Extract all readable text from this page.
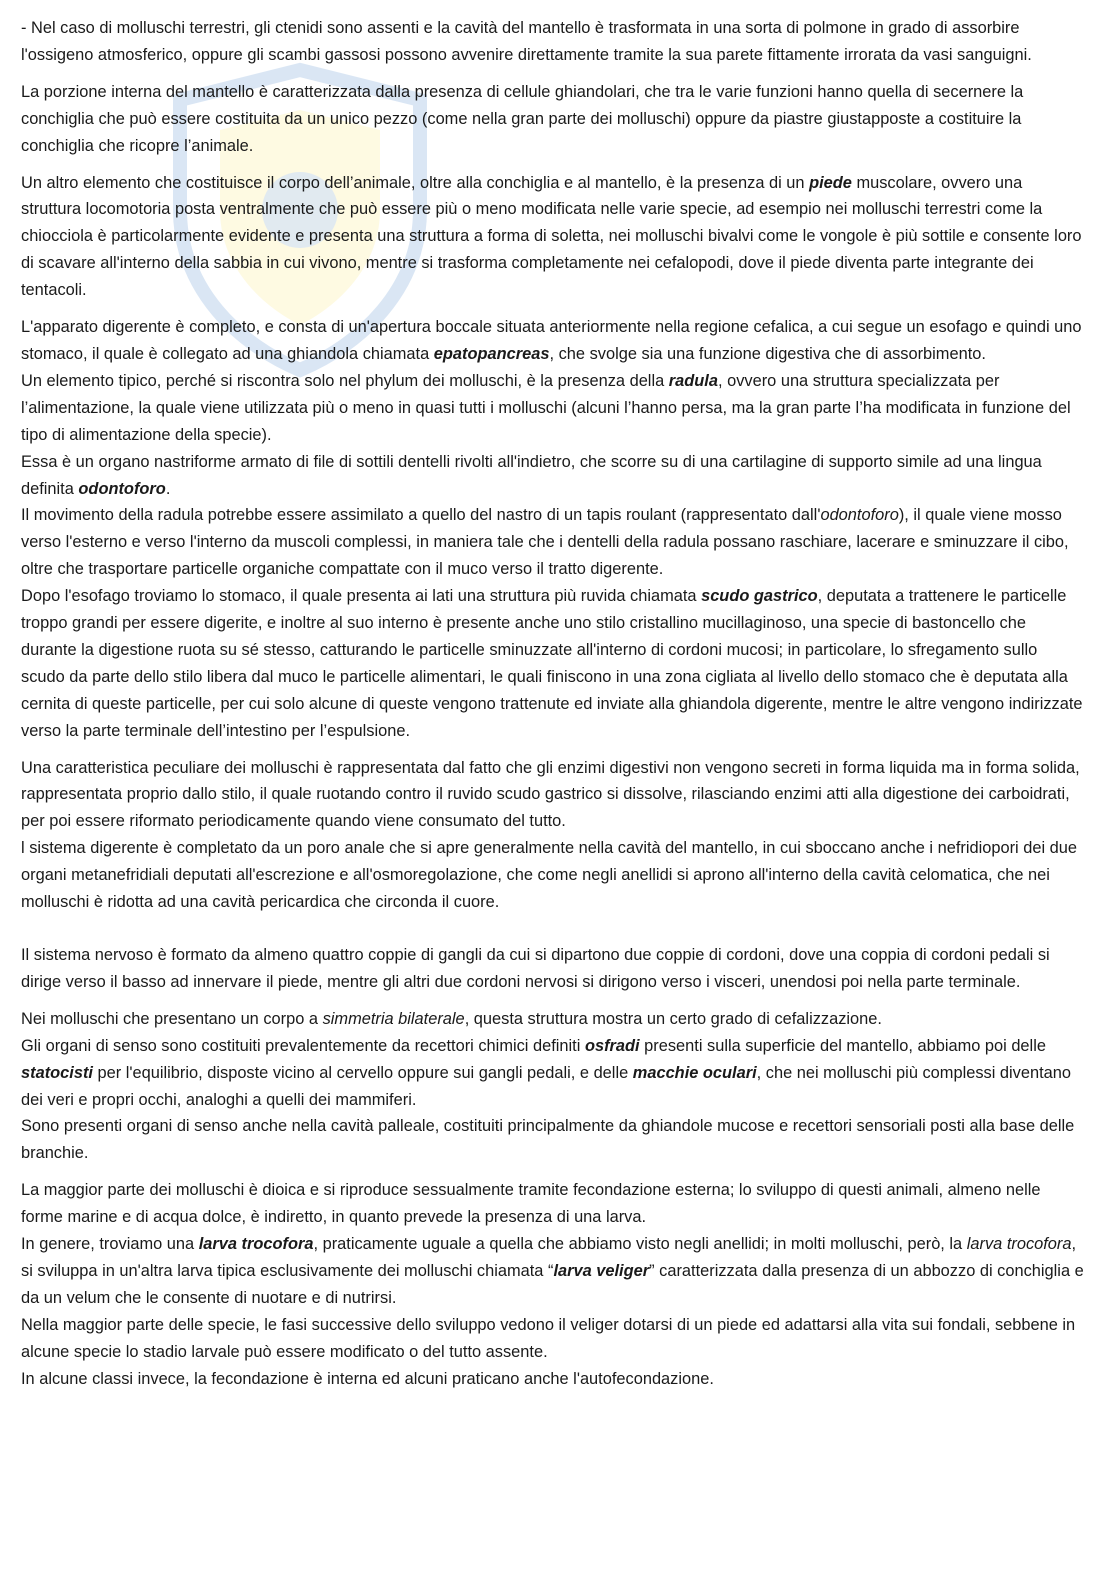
- Nel caso di molluschi terrestri, gli ctenidi sono assenti e la cavità del mantello è trasformata in una sorta di polmone in grado di assorbire l'ossigeno atmosferico, oppure gli scambi gassosi possono avvenire direttamente tramite la sua parete fittamente irrorata da vasi sanguigni.

La porzione interna del mantello è caratterizzata dalla presenza di cellule ghiandolari, che tra le varie funzioni hanno quella di secernere la conchiglia che può essere costituita da un unico pezzo (come nella gran parte dei molluschi) oppure da piastre giustapposte a costituire la conchiglia che ricopre l’animale.

Un altro elemento che costituisce il corpo dell’animale, oltre alla conchiglia e al mantello, è la presenza di un piede muscolare, ovvero una struttura locomotoria posta ventralmente che può essere più o meno modificata nelle varie specie, ad esempio nei molluschi terrestri come la chiocciola è particolarmente evidente e presenta una struttura a forma di soletta, nei molluschi bivalvi come le vongole è più sottile e consente loro di scavare all'interno della sabbia in cui vivono, mentre si trasforma completamente nei cefalopodi, dove il piede diventa parte integrante dei tentacoli.

L'apparato digerente è completo, e consta di un'apertura boccale situata anteriormente nella regione cefalica, a cui segue un esofago e quindi uno stomaco, il quale è collegato ad una ghiandola chiamata epatopancreas, che svolge sia una funzione digestiva che di assorbimento.

Un elemento tipico, perché si riscontra solo nel phylum dei molluschi, è la presenza della radula, ovvero una struttura specializzata per l’alimentazione, la quale viene utilizzata più o meno in quasi tutti i molluschi (alcuni l’hanno persa, ma la gran parte l’ha modificata in funzione del tipo di alimentazione della specie).

Essa è un organo nastriforme armato di file di sottili dentelli rivolti all'indietro, che scorre su di una cartilagine di supporto simile ad una lingua definita odontoforo.

Il movimento della radula potrebbe essere assimilato a quello del nastro di un tapis roulant (rappresentato dall'odontoforo), il quale viene mosso verso l'esterno e verso l'interno da muscoli complessi, in maniera tale che i dentelli della radula possano raschiare, lacerare e sminuzzare il cibo, oltre che trasportare particelle organiche compattate con il muco verso il tratto digerente.

Dopo l'esofago troviamo lo stomaco, il quale presenta ai lati una struttura più ruvida chiamata scudo gastrico, deputata a trattenere le particelle troppo grandi per essere digerite, e inoltre al suo interno è presente anche uno stilo cristallino mucillaginoso, una specie di bastoncello che durante la digestione ruota su sé stesso, catturando le particelle sminuzzate all'interno di cordoni mucosi; in particolare, lo sfregamento sullo scudo da parte dello stilo libera dal muco le particelle alimentari, le quali finiscono in una zona cigliata al livello dello stomaco che è deputata alla cernita di queste particelle, per cui solo alcune di queste vengono trattenute ed inviate alla ghiandola digerente, mentre le altre vengono indirizzate verso la parte terminale dell’intestino per l’espulsione.

Una caratteristica peculiare dei molluschi è rappresentata dal fatto che gli enzimi digestivi non vengono secreti in forma liquida ma in forma solida, rappresentata proprio dallo stilo, il quale ruotando contro il ruvido scudo gastrico si dissolve, rilasciando enzimi atti alla digestione dei carboidrati, per poi essere riformato periodicamente quando viene consumato del tutto.

l sistema digerente è completato da un poro anale che si apre generalmente nella cavità del mantello, in cui sboccano anche i nefridiopori dei due organi metanefridiali deputati all'escrezione e all'osmoregolazione, che come negli anellidi si aprono all'interno della cavità celomatica, che nei molluschi è ridotta ad una cavità pericardica che circonda il cuore.

Il sistema nervoso è formato da almeno quattro coppie di gangli da cui si dipartono due coppie di cordoni, dove una coppia di cordoni pedali si dirige verso il basso ad innervare il piede, mentre gli altri due cordoni nervosi si dirigono verso i visceri, unendosi poi nella parte terminale.

Nei molluschi che presentano un corpo a simmetria bilaterale, questa struttura mostra un certo grado di cefalizzazione.

Gli organi di senso sono costituiti prevalentemente da recettori chimici definiti osfradi presenti sulla superficie del mantello, abbiamo poi delle statocisti per l'equilibrio, disposte vicino al cervello oppure sui gangli pedali, e delle macchie oculari, che nei molluschi più complessi diventano dei veri e propri occhi, analoghi a quelli dei mammiferi.

Sono presenti organi di senso anche nella cavità palleale, costituiti principalmente da ghiandole mucose e recettori sensoriali posti alla base delle branchie.

La maggior parte dei molluschi è dioica e si riproduce sessualmente tramite fecondazione esterna; lo sviluppo di questi animali, almeno nelle forme marine e di acqua dolce, è indiretto, in quanto prevede la presenza di una larva.

In genere, troviamo una larva trocofora, praticamente uguale a quella che abbiamo visto negli anellidi; in molti molluschi, però, la larva trocofora, si sviluppa in un'altra larva tipica esclusivamente dei molluschi chiamata “larva veliger” caratterizzata dalla presenza di un abbozzo di conchiglia e da un velum che le consente di nuotare e di nutrirsi.

Nella maggior parte delle specie, le fasi successive dello sviluppo vedono il veliger dotarsi di un piede ed adattarsi alla vita sui fondali, sebbene in alcune specie lo stadio larvale può essere modificato o del tutto assente.

In alcune classi invece, la fecondazione è interna ed alcuni praticano anche l'autofecondazione.
